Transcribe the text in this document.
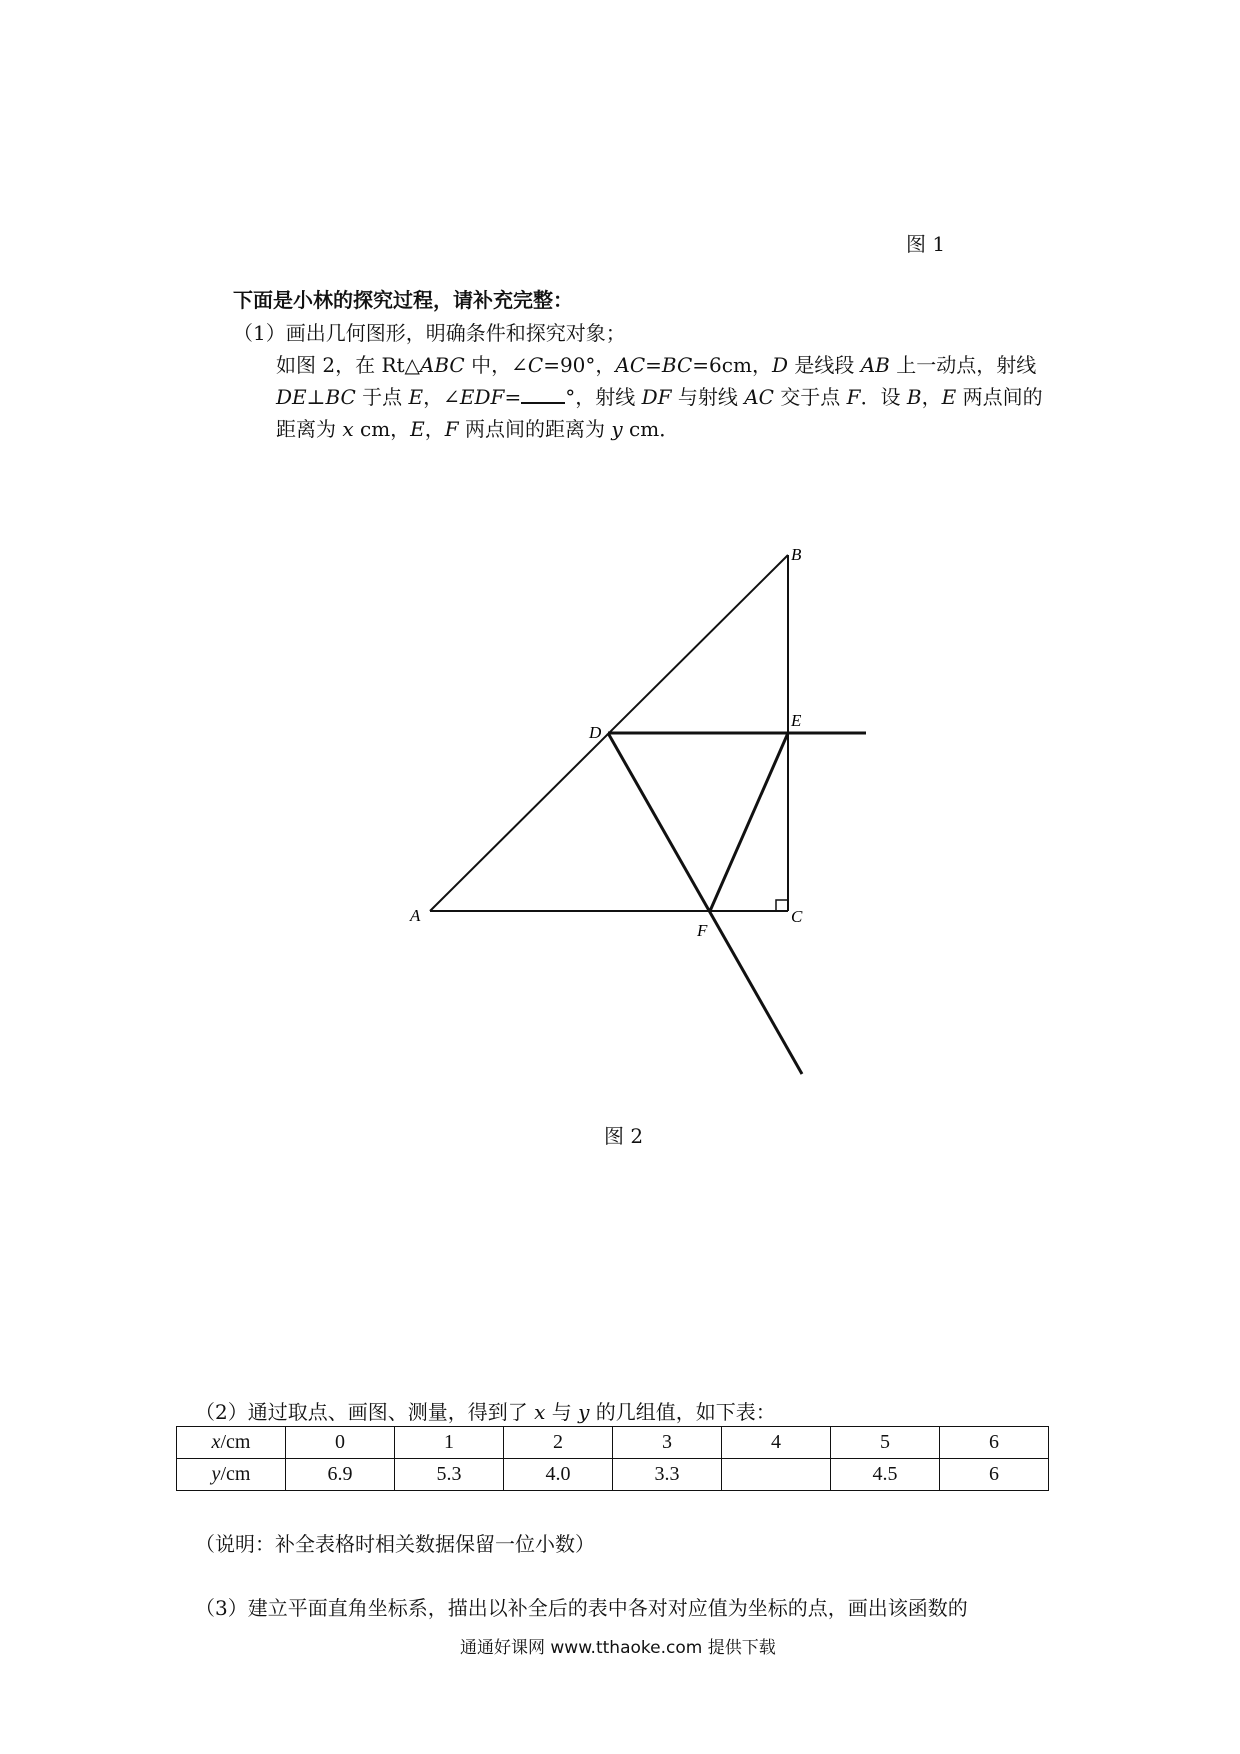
图 1
下面是小林的探究过程，请补充完整：
（1）画出几何图形，明确条件和探究对象；
如图 2，在 Rt△ABC 中，∠C=90°，AC=BC=6cm，D 是线段 AB 上一动点，射线
DE⊥BC 于点 E，∠EDF= °，射线 DF 与射线 AC 交于点 F．设 B，E 两点间的
距离为 x cm，E，F 两点间的距离为 y cm．
B
D
E
A
F
C
图 2
（2）通过取点、画图、测量，得到了 x 与 y 的几组值，如下表：
x/cm	0	1	2	3	4	5	6
y/cm	6.9	5.3	4.0	3.3		4.5	6
（说明：补全表格时相关数据保留一位小数）
（3）建立平面直角坐标系，描出以补全后的表中各对对应值为坐标的点，画出该函数的
通通好课网 www.tthaoke.com 提供下载
